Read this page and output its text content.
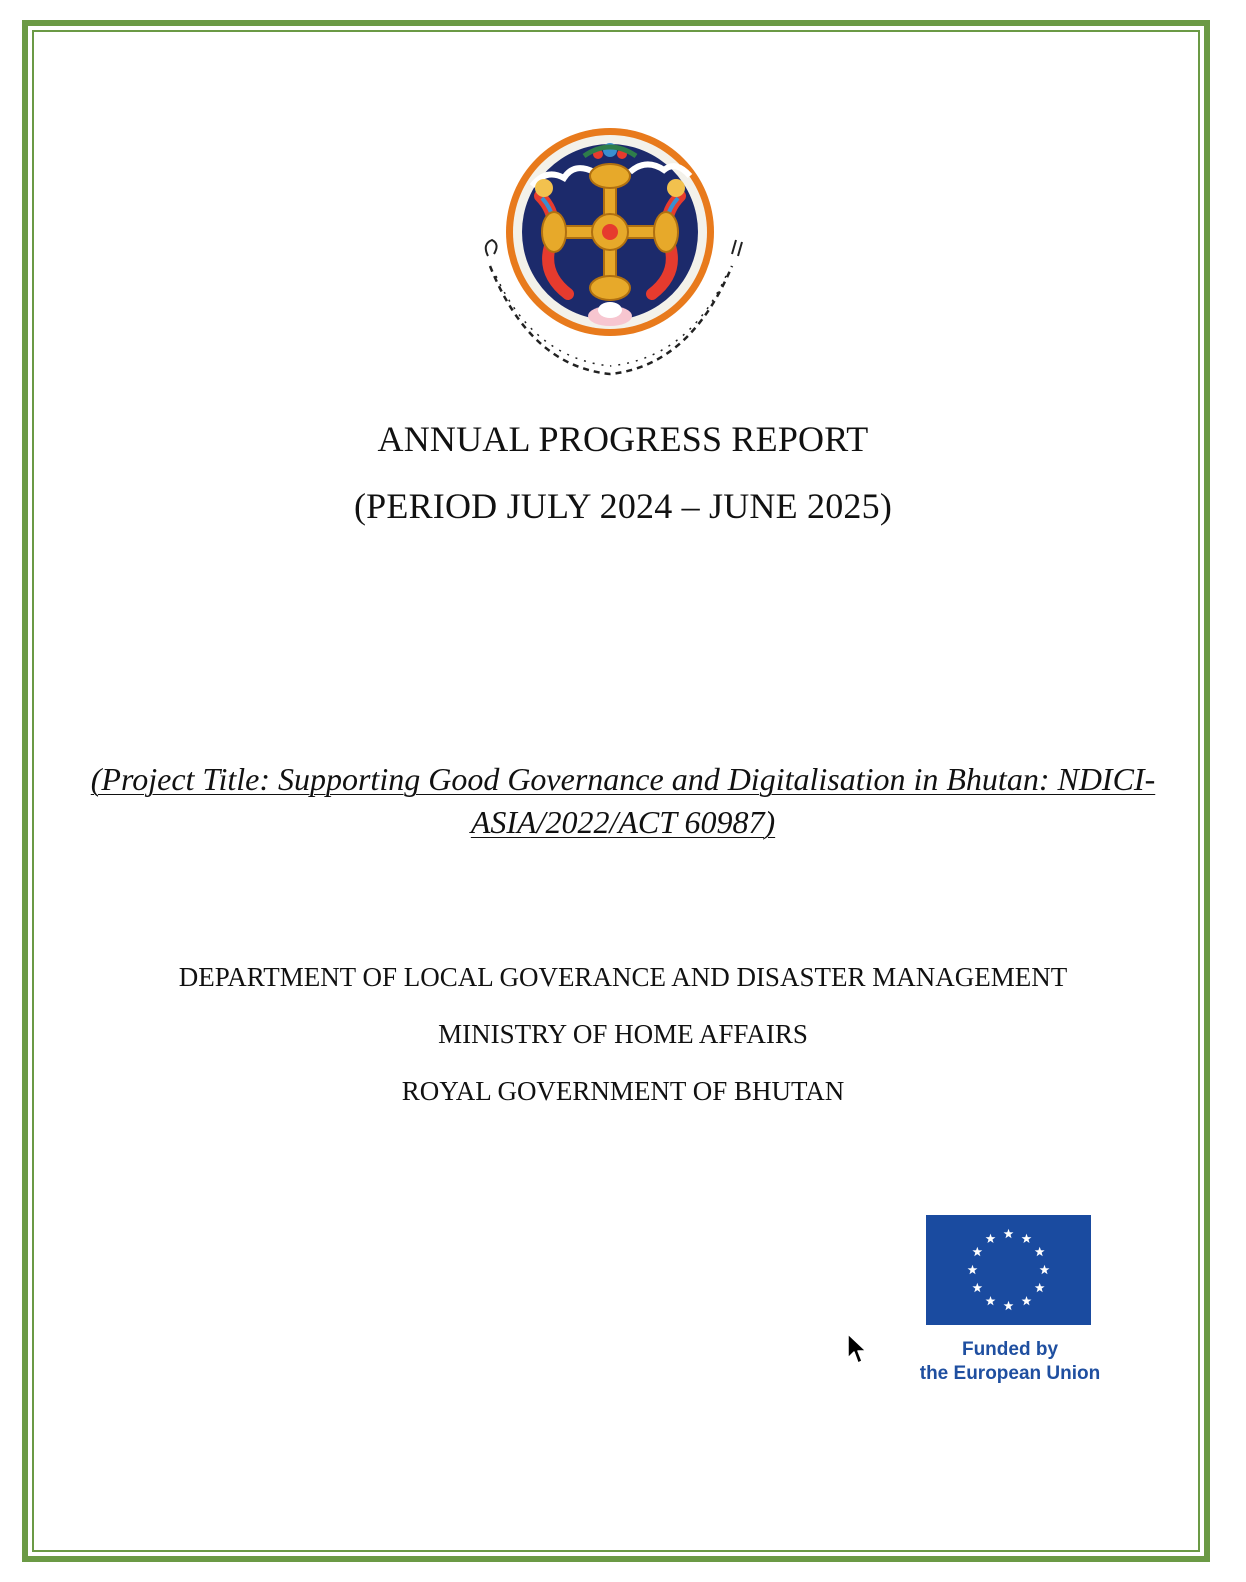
ANNUAL PROGRESS REPORT
(PERIOD JULY 2024 – JUNE 2025)
(Project Title: Supporting Good Governance and Digitalisation in Bhutan: NDICI-ASIA/2022/ACT 60987)
DEPARTMENT OF LOCAL GOVERANCE AND DISASTER MANAGEMENT
MINISTRY OF HOME AFFAIRS
ROYAL GOVERNMENT OF BHUTAN
Funded by
the European Union
